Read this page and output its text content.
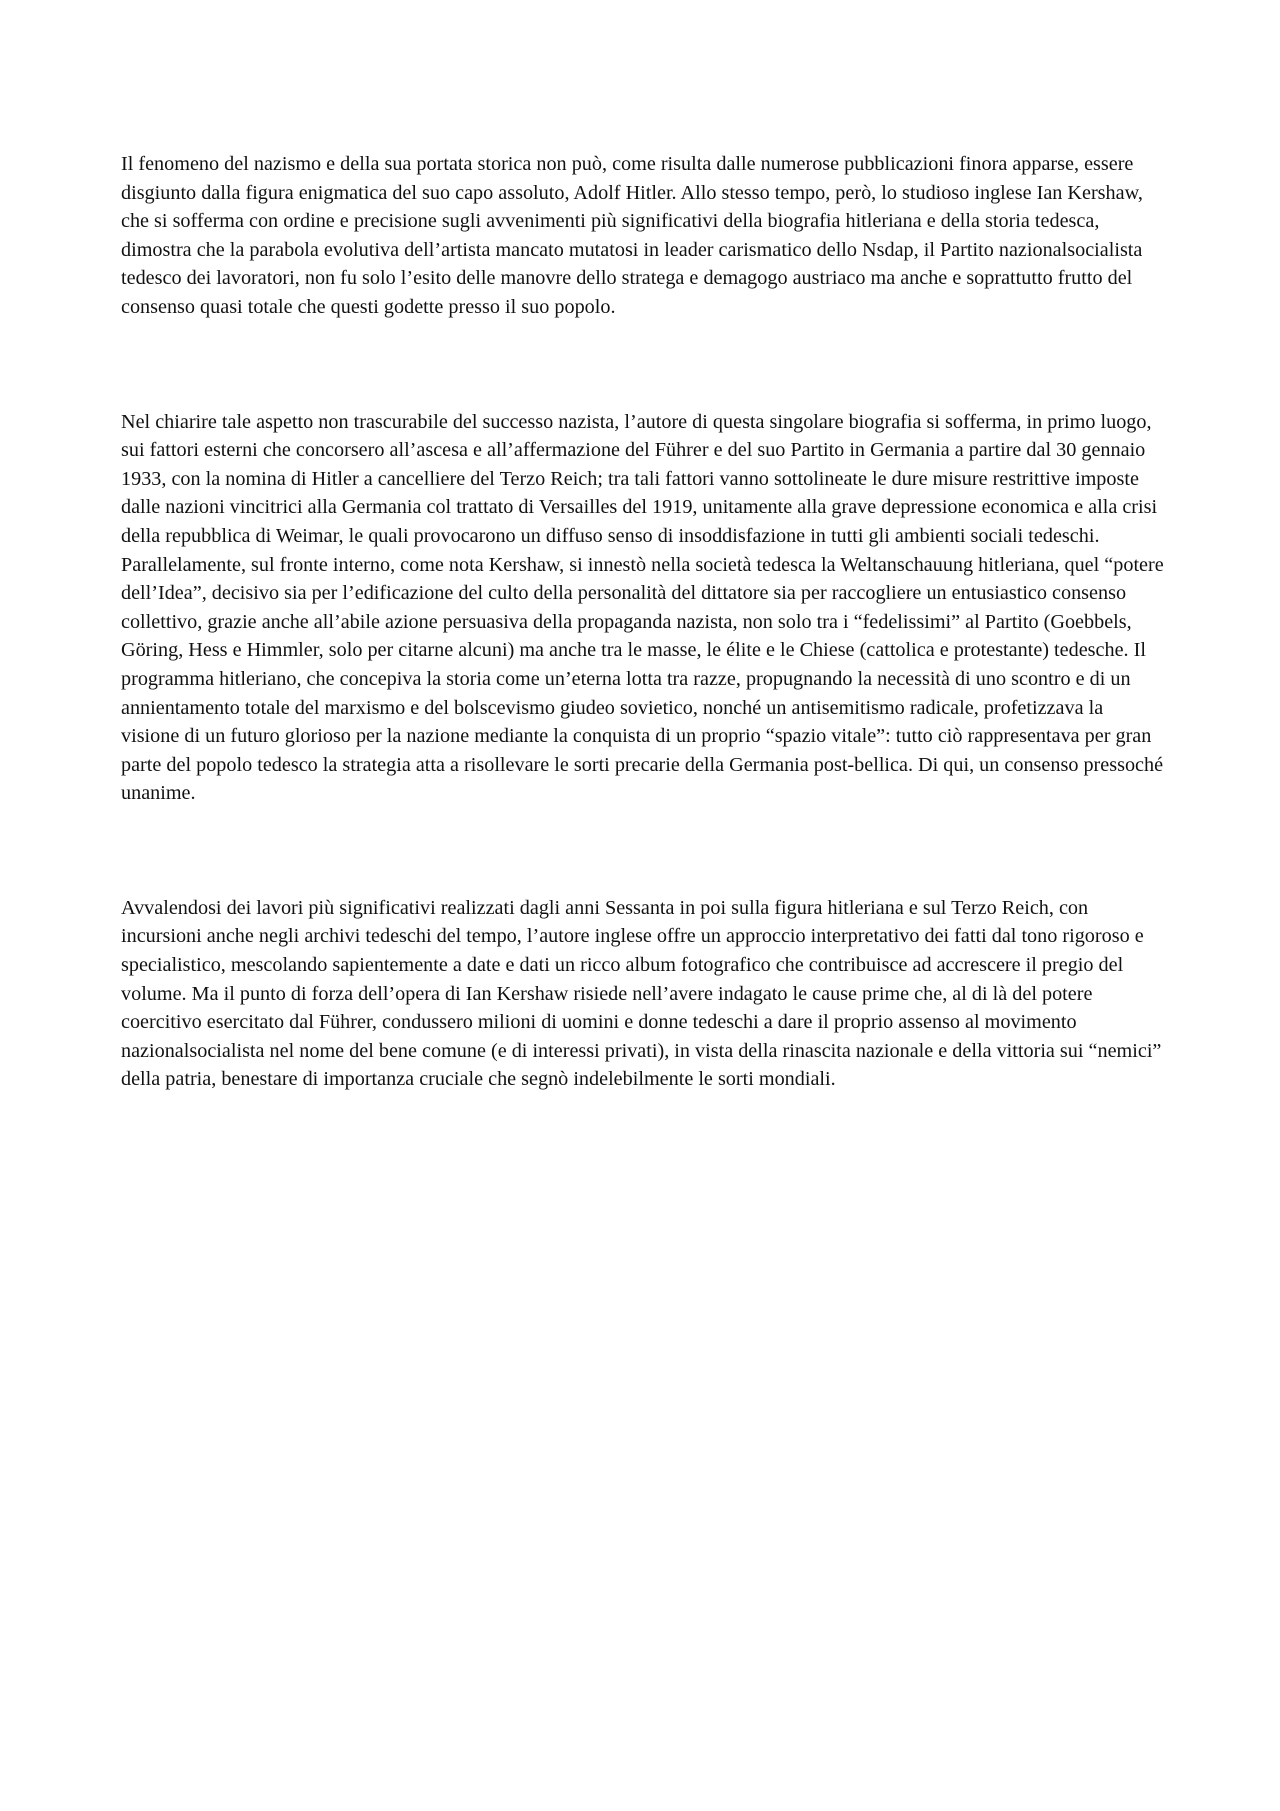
Il fenomeno del nazismo e della sua portata storica non può, come risulta dalle numerose pubblicazioni finora apparse, essere disgiunto dalla figura enigmatica del suo capo assoluto, Adolf Hitler. Allo stesso tempo, però, lo studioso inglese Ian Kershaw, che si sofferma con ordine e precisione sugli avvenimenti più significativi della biografia hitleriana e della storia tedesca, dimostra che la parabola evolutiva dell’artista mancato mutatosi in leader carismatico dello Nsdap, il Partito nazionalsocialista tedesco dei lavoratori, non fu solo l’esito delle manovre dello stratega e demagogo austriaco ma anche e soprattutto frutto del consenso quasi totale che questi godette presso il suo popolo.

Nel chiarire tale aspetto non trascurabile del successo nazista, l’autore di questa singolare biografia si sofferma, in primo luogo, sui fattori esterni che concorsero all’ascesa e all’affermazione del Führer e del suo Partito in Germania a partire dal 30 gennaio 1933, con la nomina di Hitler a cancelliere del Terzo Reich; tra tali fattori vanno sottolineate le dure misure restrittive imposte dalle nazioni vincitrici alla Germania col trattato di Versailles del 1919, unitamente alla grave depressione economica e alla crisi della repubblica di Weimar, le quali provocarono un diffuso senso di insoddisfazione in tutti gli ambienti sociali tedeschi. Parallelamente, sul fronte interno, come nota Kershaw, si innestò nella società tedesca la Weltanschauung hitleriana, quel “potere dell’Idea”, decisivo sia per l’edificazione del culto della personalità del dittatore sia per raccogliere un entusiastico consenso collettivo, grazie anche all’abile azione persuasiva della propaganda nazista, non solo tra i “fedelissimi” al Partito (Goebbels, Göring, Hess e Himmler, solo per citarne alcuni) ma anche tra le masse, le élite e le Chiese (cattolica e protestante) tedesche. Il programma hitleriano, che concepiva la storia come un’eterna lotta tra razze, propugnando la necessità di uno scontro e di un annientamento totale del marxismo e del bolscevismo giudeo sovietico, nonché un antisemitismo radicale, profetizzava la visione di un futuro glorioso per la nazione mediante la conquista di un proprio “spazio vitale”: tutto ciò rappresentava per gran parte del popolo tedesco la strategia atta a risollevare le sorti precarie della Germania post-bellica. Di qui, un consenso pressoché unanime.

Avvalendosi dei lavori più significativi realizzati dagli anni Sessanta in poi sulla figura hitleriana e sul Terzo Reich, con incursioni anche negli archivi tedeschi del tempo, l’autore inglese offre un approccio interpretativo dei fatti dal tono rigoroso e specialistico, mescolando sapientemente a date e dati un ricco album fotografico che contribuisce ad accrescere il pregio del volume. Ma il punto di forza dell’opera di Ian Kershaw risiede nell’avere indagato le cause prime che, al di là del potere coercitivo esercitato dal Führer, condussero milioni di uomini e donne tedeschi a dare il proprio assenso al movimento nazionalsocialista nel nome del bene comune (e di interessi privati), in vista della rinascita nazionale e della vittoria sui “nemici” della patria, benestare di importanza cruciale che segnò indelebilmente le sorti mondiali.
